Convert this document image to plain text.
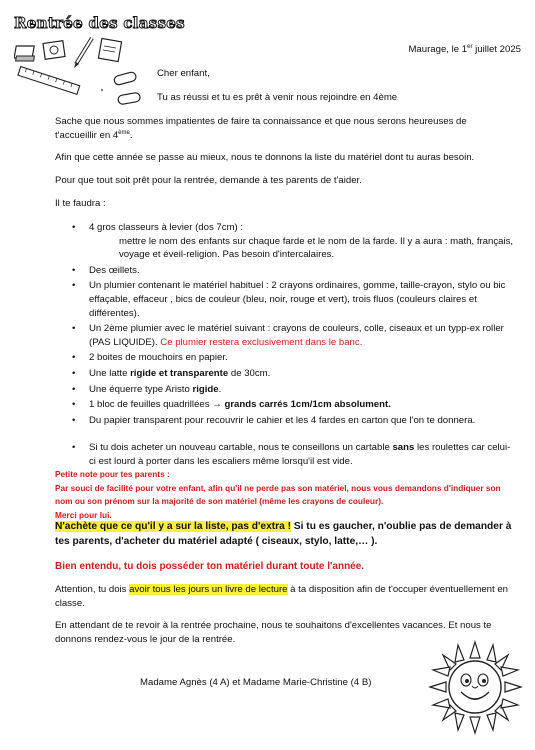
Rentrée des classes
Maurage, le 1er juillet 2025
Cher enfant,
Tu as réussi et tu es prêt à venir nous rejoindre en 4ème
Sache que nous sommes impatientes de faire ta connaissance et que nous serons heureuses de t'accueillir en 4ème.
Afin que cette année se passe au mieux, nous te donnons la liste du matériel dont tu auras besoin.
Pour que tout soit prêt pour la rentrée, demande à tes parents de t'aider.
Il te faudra :
• 4 gros classeurs à levier (dos 7cm) :
mettre le nom des enfants sur chaque farde et le nom de la farde. Il y a aura : math, français, voyage et éveil-religion. Pas besoin d'intercalaires.
• Des œillets.
• Un plumier contenant le matériel habituel : 2 crayons ordinaires, gomme, taille-crayon, stylo ou bic effaçable, effaceur , bics de couleur (bleu, noir, rouge et vert), trois fluos (couleurs claires et différentes).
• Un 2ème plumier avec le matériel suivant : crayons de couleurs, colle, ciseaux et un typp-ex roller (PAS LIQUIDE). Ce plumier restera exclusivement dans le banc.
• 2 boites de mouchoirs en papier.
• Une latte rigide et transparente de 30cm.
• Une équerre type Aristo rigide.
• 1 bloc de feuilles quadrillées → grands carrés 1cm/1cm absolument.
• Du papier transparent pour recouvrir le cahier et les 4 fardes en carton que l'on te donnera.
• Si tu dois acheter un nouveau cartable, nous te conseillons un cartable sans les roulettes car celui-ci est lourd à porter dans les escaliers même lorsqu'il est vide.
Petite note pour tes parents :
Par souci de facilité pour votre enfant, afin qu'il ne perde pas son matériel, nous vous demandons d'indiquer son nom ou son prénom sur la majorité de son matériel (même les crayons de couleur).
Merci pour lui.
N'achète que ce qu'il y a sur la liste, pas d'extra ! Si tu es gaucher, n'oublie pas de demander à tes parents, d'acheter du matériel adapté ( ciseaux, stylo, latte,… ).
Bien entendu, tu dois posséder ton matériel durant toute l'année.
Attention, tu dois avoir tous les jours un livre de lecture à ta disposition afin de t'occuper éventuellement en classe.
En attendant de te revoir à la rentrée prochaine, nous te souhaitons d'excellentes vacances. Et nous te donnons rendez-vous le jour de la rentrée.
Madame Agnès (4 A) et Madame Marie-Christine (4 B)
